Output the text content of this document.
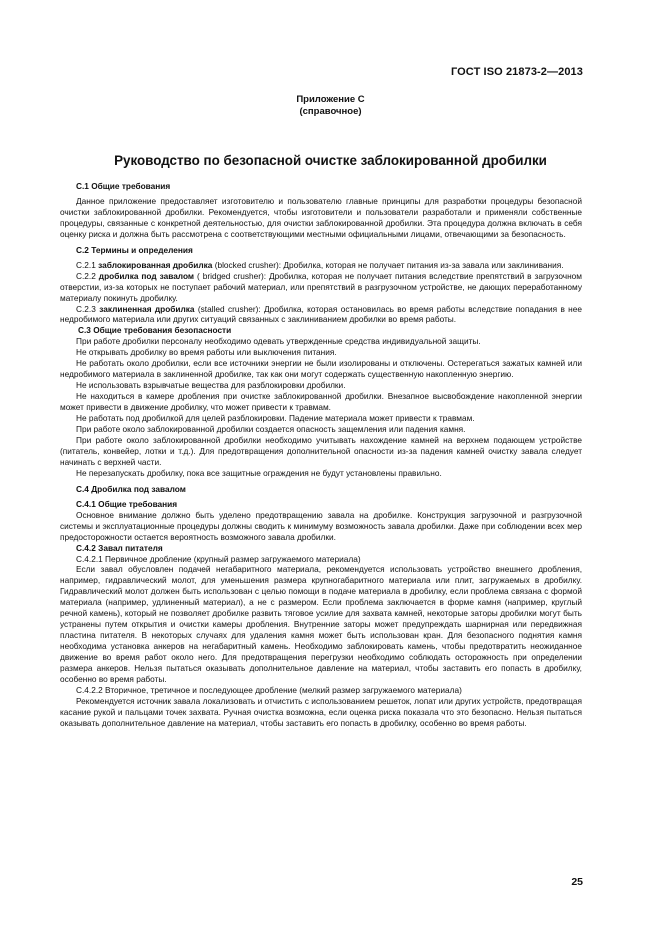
ГОСТ ISO 21873-2—2013
Приложение С
(справочное)
Руководство по безопасной очистке заблокированной дробилки

С.1 Общие требования

Данное приложение предоставляет изготовителю и пользователю главные принципы для разработки процедуры безопасной очистки заблокированной дробилки. Рекомендуется, чтобы изготовители и пользователи разработали и применяли собственные процедуры, связанные с конкретной деятельностью, для очистки заблокированной дробилки. Эта процедура должна включать в себя оценку риска и должна быть рассмотрена с соответствующими местными официальными лицами, отвечающими за безопасность.

С.2 Термины и определения

С.2.1 заблокированная дробилка (blocked crusher): Дробилка, которая не получает питания из-за завала или заклинивания.

С.2.2 дробилка под завалом ( bridged crusher): Дробилка, которая не получает питания вследствие препятствий в загрузочном отверстии, из-за которых не поступает рабочий материал, или препятствий в разгрузочном устройстве, не дающих переработанному материалу покинуть дробилку.

С.2.3 заклиненная дробилка (stalled crusher): Дробилка, которая остановилась во время работы вследствие попадания в нее недробимого материала или других ситуаций связанных с заклиниванием дробилки во время работы.

С.3 Общие требования безопасности

При работе дробилки персоналу необходимо одевать утвержденные средства индивидуальной защиты.

Не открывать дробилку во время работы или выключения питания.

Не работать около дробилки, если все источники энергии не были изолированы и отключены. Остерегаться зажатых камней или недробимого материала в заклиненной дробилке, так как они могут содержать существенную накопленную энергию.

Не использовать взрывчатые вещества для разблокировки дробилки.

Не находиться в камере дробления при очистке заблокированной дробилки. Внезапное высвобождение накопленной энергии может привести в движение дробилку, что может привести к травмам.

Не работать под дробилкой для целей разблокировки. Падение материала может привести к травмам.

При работе около заблокированной дробилки создается опасность защемления или падения камня.

При работе около заблокированной дробилки необходимо учитывать нахождение камней на верхнем подающем устройстве (питатель, конвейер, лотки и т.д.). Для предотвращения дополнительной опасности из-за падения камней очистку завала следует начинать с верхней части.

Не перезапускать дробилку, пока все защитные ограждения не будут установлены правильно.

С.4 Дробилка под завалом

С.4.1 Общие требования

Основное внимание должно быть уделено предотвращению завала на дробилке. Конструкция загрузочной и разгрузочной системы и эксплуатационные процедуры должны сводить к минимуму возможность завала дробилки. Даже при соблюдении всех мер предосторожности остается вероятность возможного завала дробилки.

С.4.2 Завал питателя

С.4.2.1 Первичное дробление (крупный размер загружаемого материала)

Если завал обусловлен подачей негабаритного материала, рекомендуется использовать устройство внешнего дробления, например, гидравлический молот, для уменьшения размера крупногабаритного материала или плит, загружаемых в дробилку. Гидравлический молот должен быть использован с целью помощи в подаче материала в дробилку, если проблема связана с формой материала (например, удлиненный материал), а не с размером. Если проблема заключается в форме камня (например, круглый речной камень), который не позволяет дробилке развить тяговое усилие для захвата камней, некоторые заторы дробилки могут быть устранены путем открытия и очистки камеры дробления. Внутренние заторы может предупреждать шарнирная или передвижная пластина питателя. В некоторых случаях для удаления камня может быть использован кран. Для безопасного поднятия камня необходима установка анкеров на негабаритный камень. Необходимо заблокировать камень, чтобы предотвратить неожиданное движение во время работ около него. Для предотвращения перегрузки необходимо соблюдать осторожность при определении размера анкеров. Нельзя пытаться оказывать дополнительное давление на материал, чтобы заставить его попасть в дробилку, особенно во время работы.

С.4.2.2 Вторичное, третичное и последующее дробление (мелкий размер загружаемого материала)

Рекомендуется источник завала локализовать и отчистить с использованием решеток, лопат или других устройств, предотвращая касание рукой и пальцами точек захвата. Ручная очистка возможна, если оценка риска показала что это безопасно. Нельзя пытаться оказывать дополнительное давление на материал, чтобы заставить его попасть в дробилку, особенно во время работы.

25
